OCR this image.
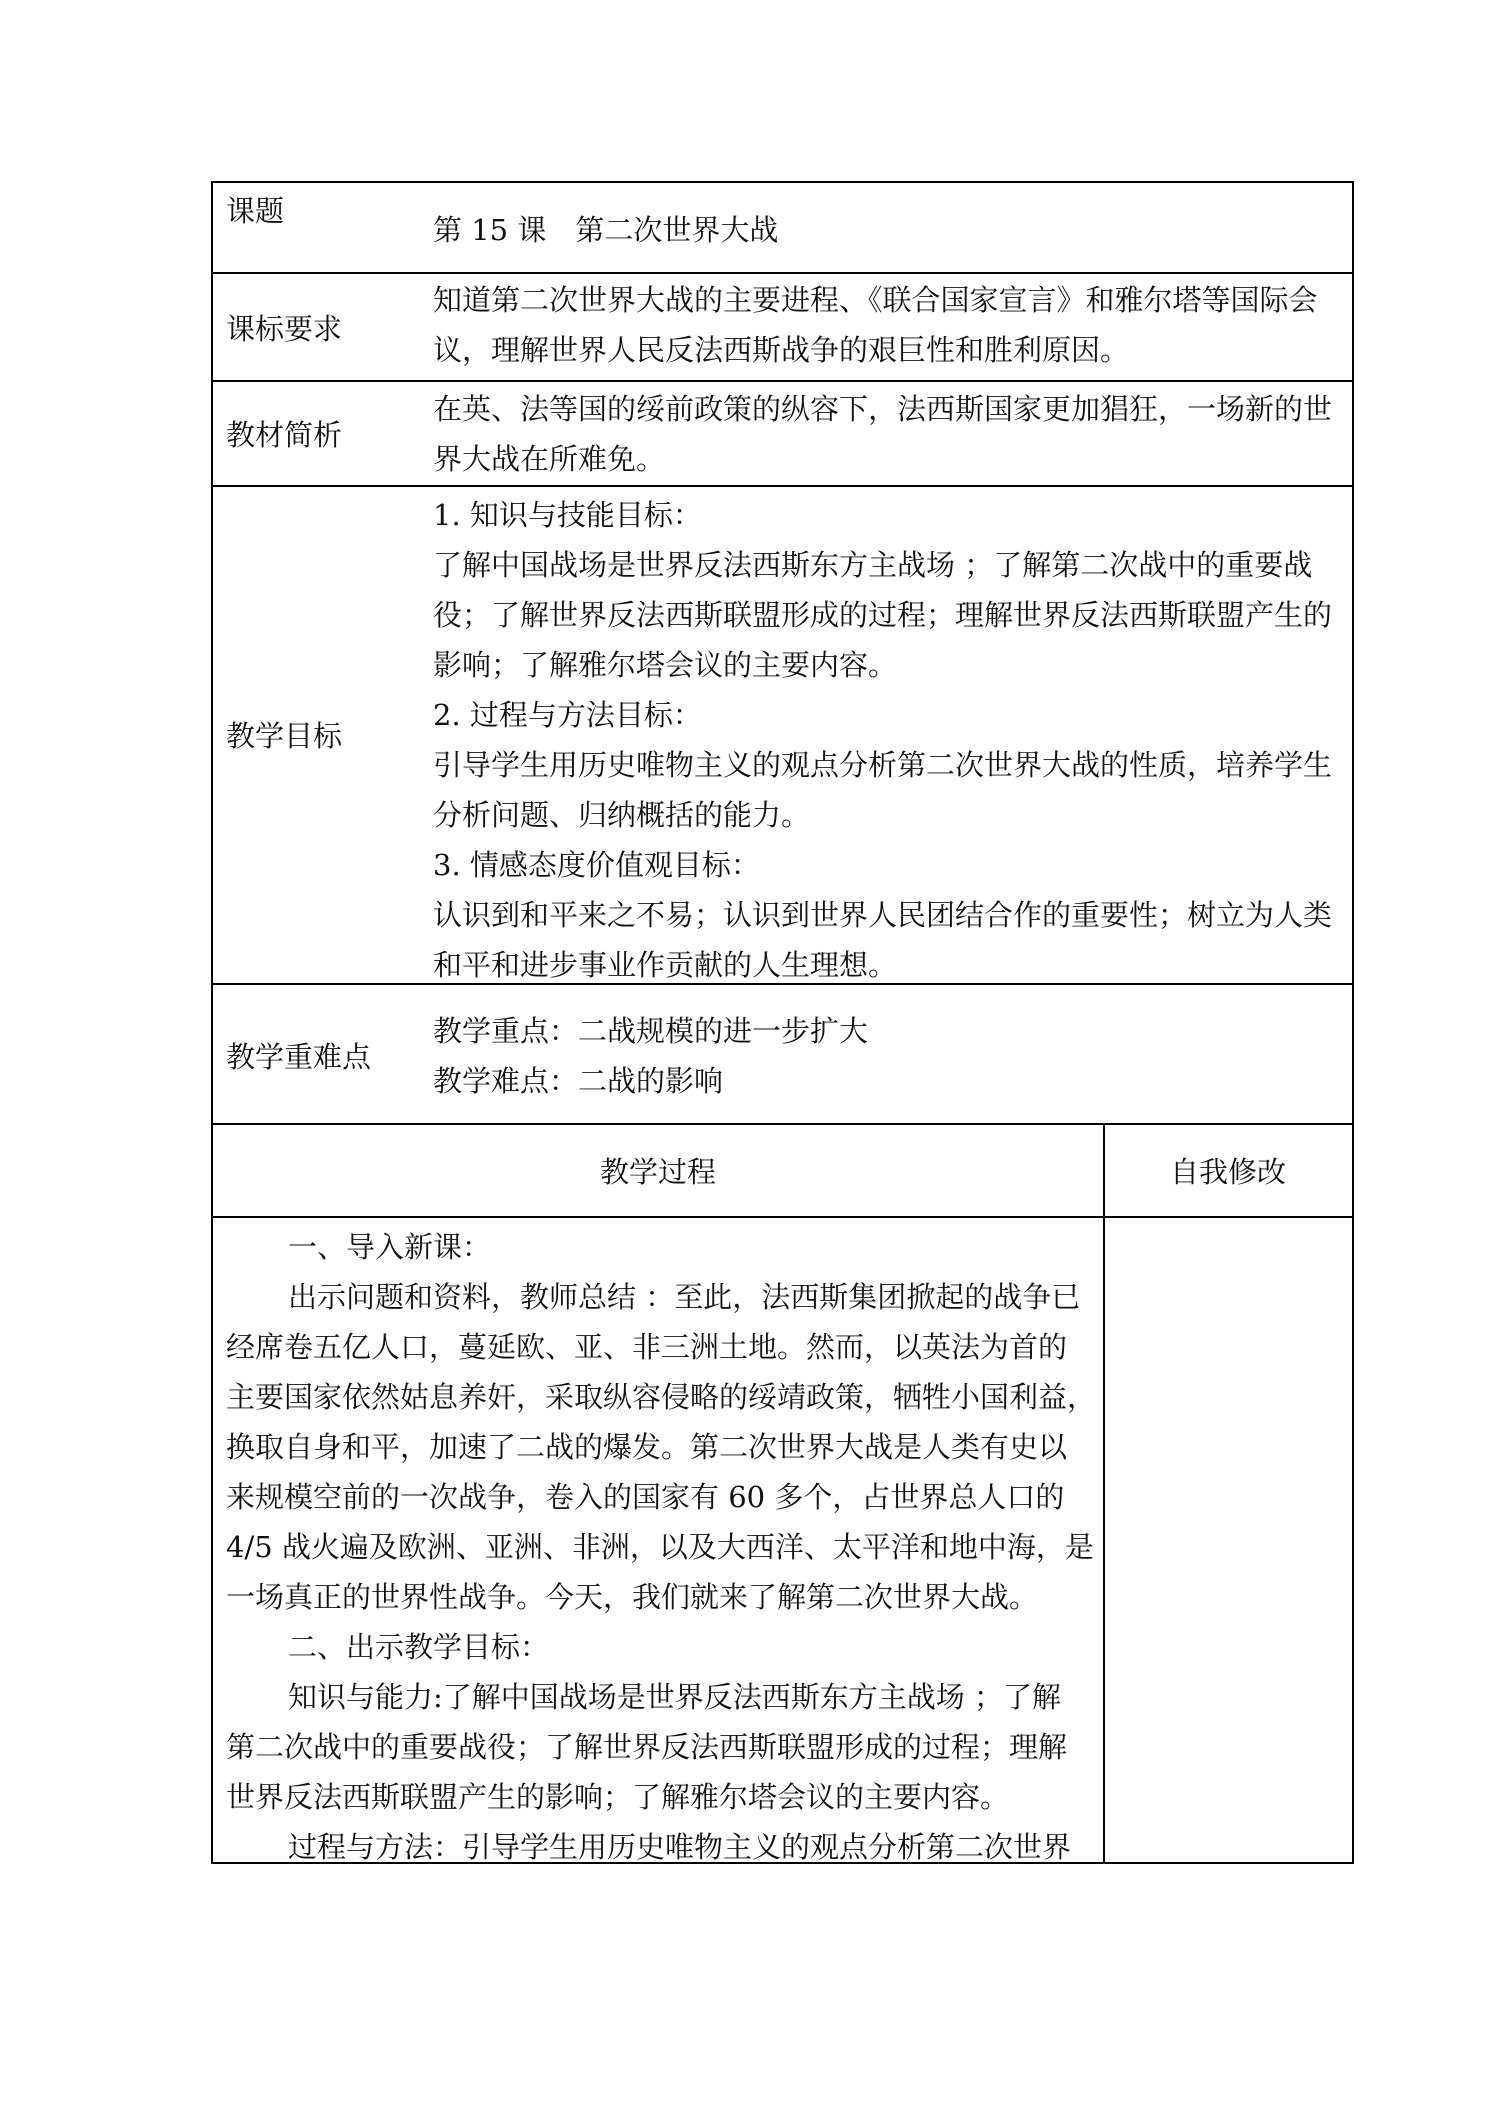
课题
第 15 课　第二次世界大战
课标要求
知道第二次世界大战的主要进程、《联合国家宣言》和雅尔塔等国际会
议，理解世界人民反法西斯战争的艰巨性和胜利原因。
教材简析
在英、法等国的绥前政策的纵容下，法西斯国家更加猖狂，一场新的世
界大战在所难免。
教学目标
1. 知识与技能目标：
了解中国战场是世界反法西斯东方主战场 ；了解第二次战中的重要战
役；了解世界反法西斯联盟形成的过程；理解世界反法西斯联盟产生的
影响；了解雅尔塔会议的主要内容。
2. 过程与方法目标：
引导学生用历史唯物主义的观点分析第二次世界大战的性质，培养学生
分析问题、归纳概括的能力。
3. 情感态度价值观目标：
认识到和平来之不易；认识到世界人民团结合作的重要性；树立为人类
和平和进步事业作贡献的人生理想。
教学重难点
教学重点：二战规模的进一步扩大
教学难点：二战的影响
教学过程	自我修改
一、导入新课：
出示问题和资料，教师总结 ：至此，法西斯集团掀起的战争已
经席卷五亿人口，蔓延欧、亚、非三洲土地。然而，以英法为首的
主要国家依然姑息养奸，采取纵容侵略的绥靖政策，牺牲小国利益，
换取自身和平，加速了二战的爆发。第二次世界大战是人类有史以
来规模空前的一次战争，卷入的国家有 60 多个，占世界总人口的
4/5 战火遍及欧洲、亚洲、非洲，以及大西洋、太平洋和地中海，是
一场真正的世界性战争。今天，我们就来了解第二次世界大战。
二、出示教学目标：
知识与能力:了解中国战场是世界反法西斯东方主战场 ；了解
第二次战中的重要战役；了解世界反法西斯联盟形成的过程；理解
世界反法西斯联盟产生的影响；了解雅尔塔会议的主要内容。
过程与方法：引导学生用历史唯物主义的观点分析第二次世界
